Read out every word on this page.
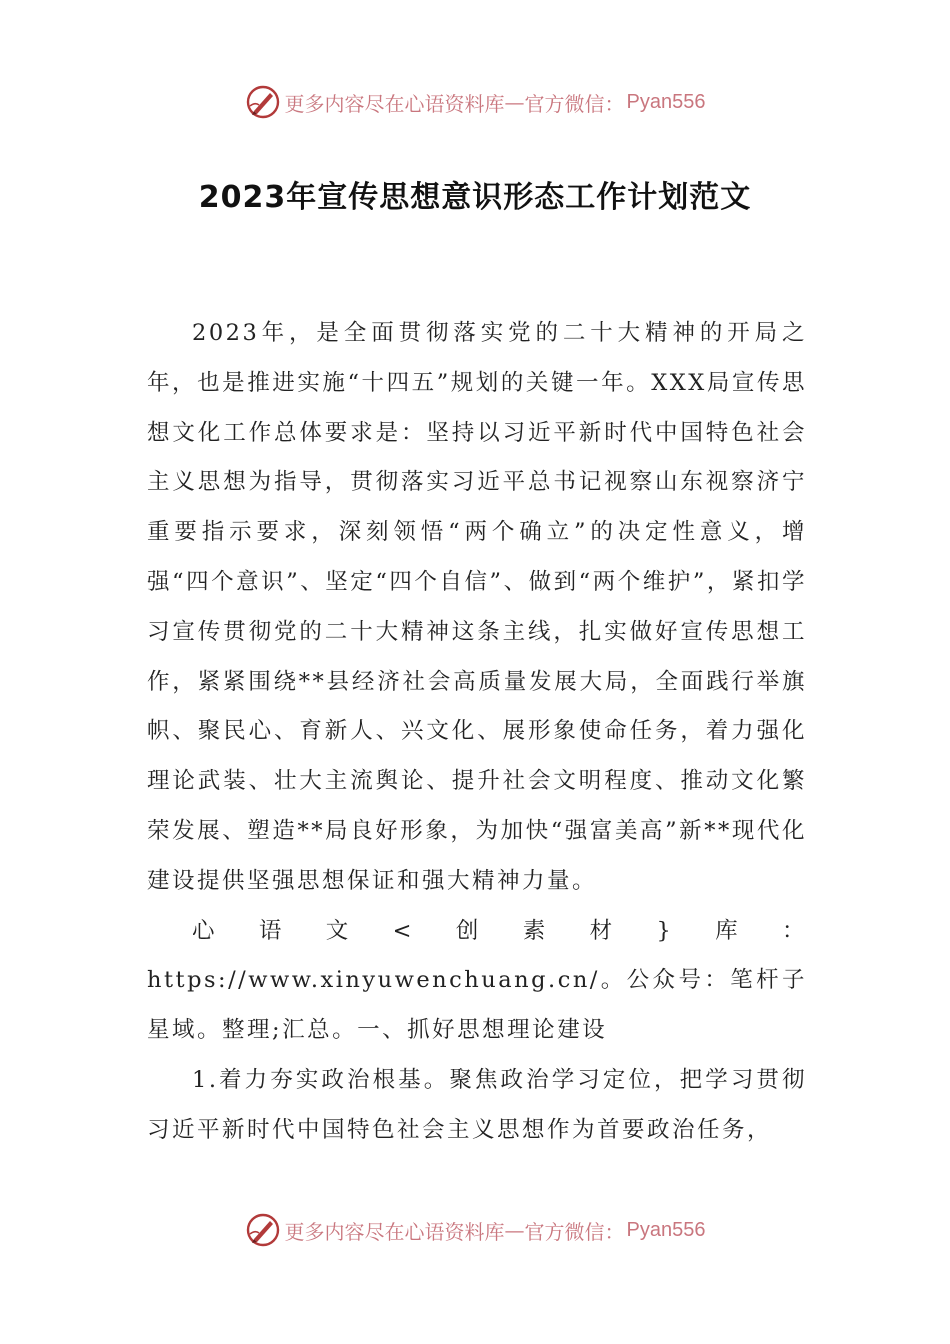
更多内容尽在心语资料库 — 官方微信： Pyan556
2023年宣传思想意识形态工作计划范文

2023年，是全面贯彻落实党的二十大精神的开局之年，也是推进实施“十四五”规划的关键一年。XXX局宣传思想文化工作总体要求是：坚持以习近平新时代中国特色社会主义思想为指导，贯彻落实习近平总书记视察山东视察济宁重要指示要求，深刻领悟“两个确立”的决定性意义，增强“四个意识”、坚定“四个自信”、做到“两个维护”，紧扣学习宣传贯彻党的二十大精神这条主线，扎实做好宣传思想工作，紧紧围绕**县经济社会高质量发展大局，全面践行举旗帜、聚民心、育新人、兴文化、展形象使命任务，着力强化理论武装、壮大主流舆论、提升社会文明程度、推动文化繁荣发展、塑造**局良好形象，为加快“强富美高”新**现代化建设提供坚强思想保证和强大精神力量。

心语文<创素材}库：https://www.xinyuwenchuang.cn/。公众号：笔杆子星域。整理;汇总。一、抓好思想理论建设

1.着力夯实政治根基。聚焦政治学习定位，把学习贯彻习近平新时代中国特色社会主义思想作为首要政治任务，

更多内容尽在心语资料库 — 官方微信： Pyan556
